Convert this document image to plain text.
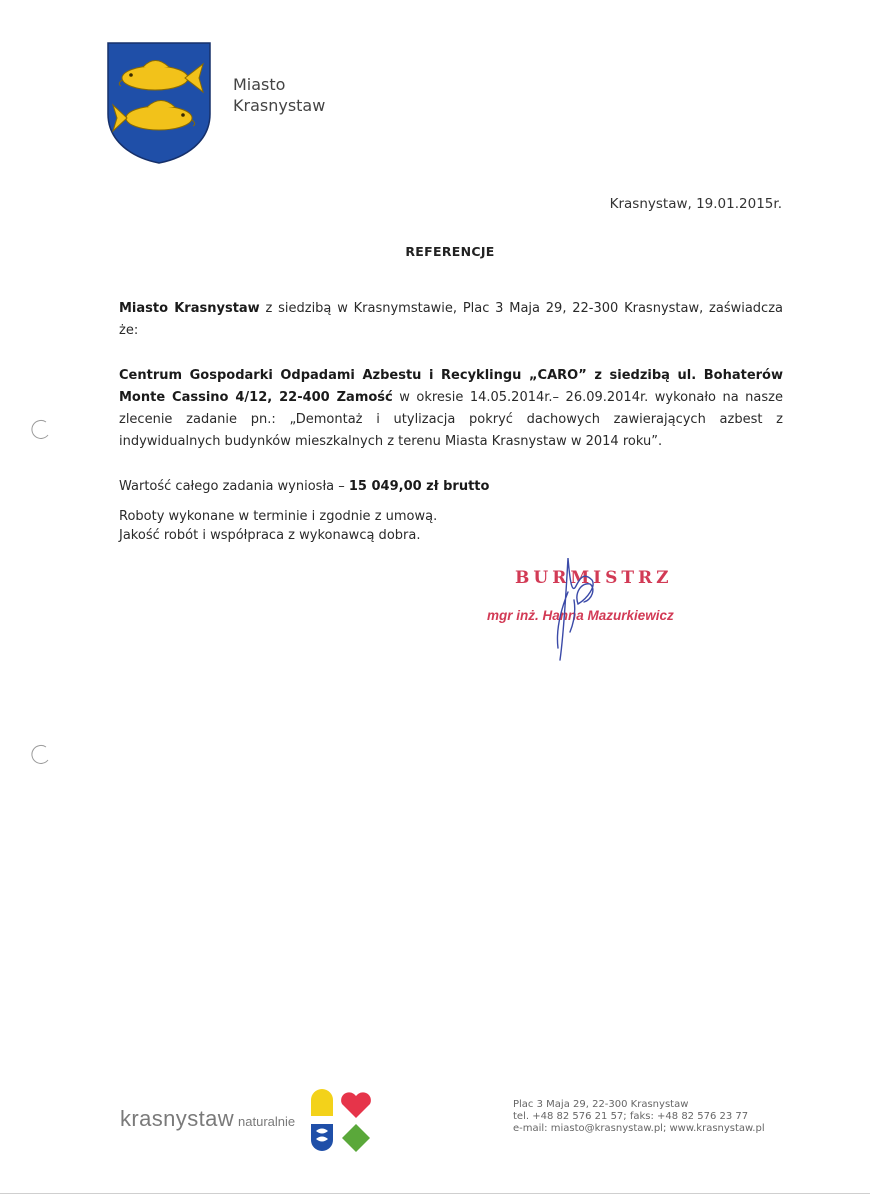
Miasto
Krasnystaw
Krasnystaw, 19.01.2015r.
REFERENCJE
Miasto Krasnystaw z siedzibą w Krasnymstawie, Plac 3 Maja 29, 22-300 Krasnystaw, zaświadcza że:
Centrum Gospodarki Odpadami Azbestu i Recyklingu „CARO” z siedzibą ul. Bohaterów Monte Cassino 4/12, 22-400 Zamość w okresie 14.05.2014r.– 26.09.2014r. wykonało na nasze zlecenie zadanie pn.: „Demontaż i utylizacja pokryć dachowych zawierających azbest z indywidualnych budynków mieszkalnych z terenu Miasta Krasnystaw w 2014 roku”.
Wartość całego zadania wyniosła – 15 049,00 zł brutto
Roboty wykonane w terminie i zgodnie z umową.
Jakość robót i współpraca z wykonawcą dobra.
BURMISTRZ
mgr inż. Hanna Mazurkiewicz
krasnystaw naturalnie
Plac 3 Maja 29, 22-300 Krasnystaw
tel. +48 82 576 21 57; faks: +48 82 576 23 77
e-mail: miasto@krasnystaw.pl; www.krasnystaw.pl
